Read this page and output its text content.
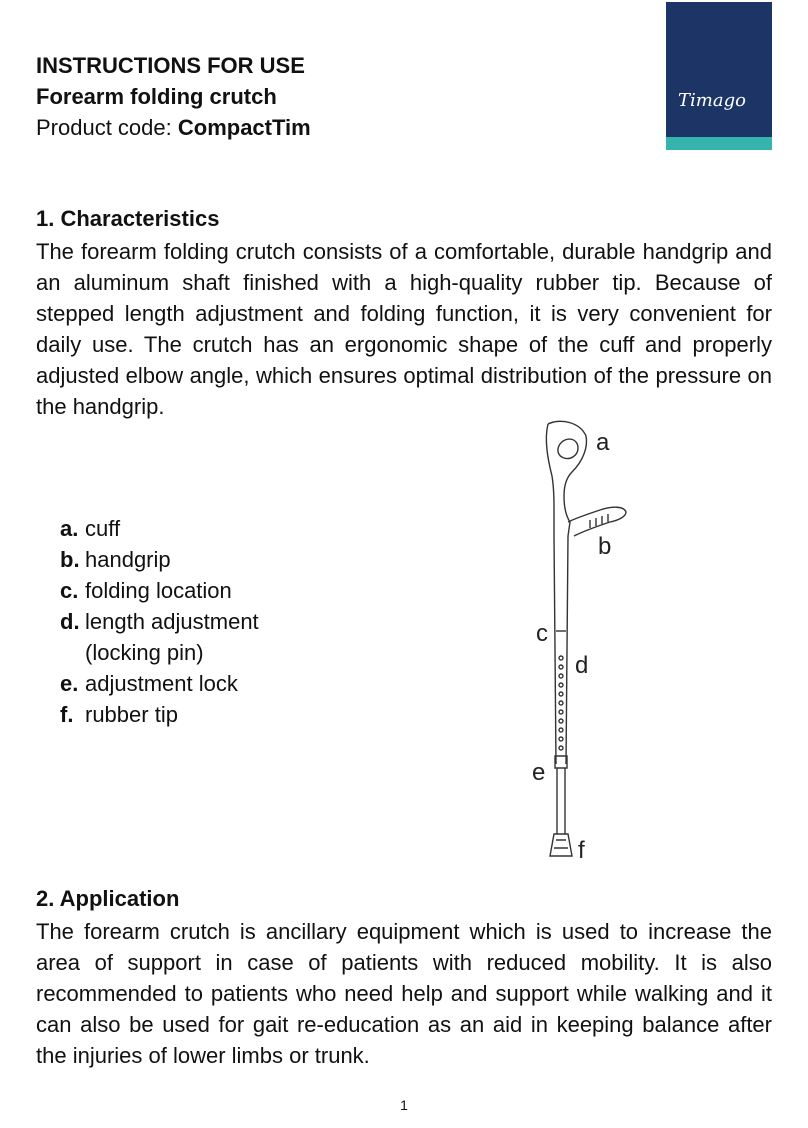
INSTRUCTIONS FOR USE
Forearm folding crutch
Product code: CompactTim
Timago
1. Characteristics
The forearm folding crutch consists of a comfortable, durable handgrip and an aluminum shaft finished with a high-quality rubber tip. Because of stepped length adjustment and folding function, it is very convenient for daily use. The crutch has an ergonomic shape of the cuff and properly adjusted elbow angle, which ensures optimal distribution of the pressure on the handgrip.
a. cuff
b. handgrip
c. folding location
d. length adjustment
(locking pin)
e. adjustment lock
f. rubber tip
a
b
c
d
e
f
2. Application
The forearm crutch is ancillary equipment which is used to increase the area of support in case of patients with reduced mobility. It is also recommended to patients who need help and support while walking and it can also be used for gait re-education as an aid in keeping balance after the injuries of lower limbs or trunk.
1
